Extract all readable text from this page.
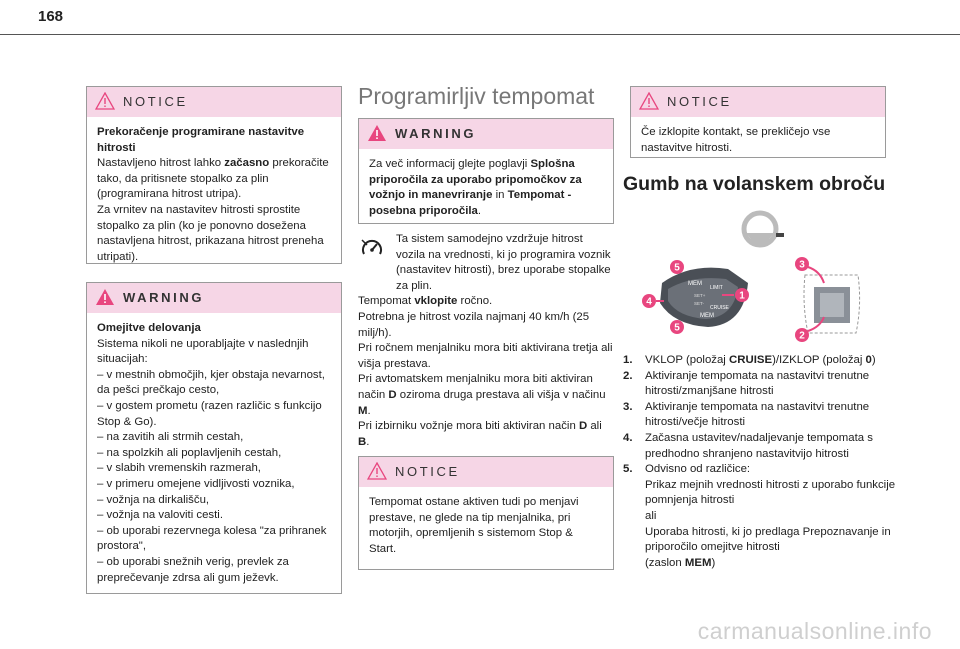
168
NOTICE

Prekoračenje programirane nastavitve hitrosti

Nastavljeno hitrost lahko začasno prekoračite tako, da pritisnete stopalko za plin (programirana hitrost utripa).

Za vrnitev na nastavitev hitrosti sprostite stopalko za plin (ko je ponovno dosežena nastavljena hitrost, prikazana hitrost preneha utripati).

WARNING

Omejitve delovanja

Sistema nikoli ne uporabljajte v naslednjih situacijah:

– v mestnih območjih, kjer obstaja nevarnost, da pešci prečkajo cesto,

– v gostem prometu (razen različic s funkcijo Stop & Go).

– na zavitih ali strmih cestah,

– na spolzkih ali poplavljenih cestah,

– v slabih vremenskih razmerah,

– v primeru omejene vidljivosti voznika,

– vožnja na dirkališču,

– vožnja na valoviti cesti.

– ob uporabi rezervnega kolesa "za prihranek prostora",

– ob uporabi snežnih verig, prevlek za preprečevanje zdrsa ali gum ježevk.

Programirljiv tempomat
WARNING

Za več informacij glejte poglavji Splošna priporočila za uporabo pripomočkov za vožnjo in manevriranje in Tempomat - posebna priporočila.

Ta sistem samodejno vzdržuje hitrost vozila na vrednosti, ki jo programira voznik (nastavitev hitrosti), brez uporabe stopalke za plin.

Tempomat vklopite ročno.

Potrebna je hitrost vozila najmanj 40 km/h (25 milj/h).

Pri ročnem menjalniku mora biti aktivirana tretja ali višja prestava.

Pri avtomatskem menjalniku mora biti aktiviran način D oziroma druga prestava ali višja v načinu M.

Pri izbirniku vožnje mora biti aktiviran način D ali B.

NOTICE

Tempomat ostane aktiven tudi po menjavi prestave, ne glede na tip menjalnika, pri motorjih, opremljenih s sistemom Stop & Start.

NOTICE

Če izklopite kontakt, se prekličejo vse nastavitve hitrosti.

Gumb na volanskem obroču
MEM
MEM
LIMIT
CRUISE
SET+
SET-
1
2
3
4
5
5
1.	VKLOP (položaj CRUISE)/IZKLOP (položaj 0)
2.	Aktiviranje tempomata na nastavitvi trenutne hitrosti/zmanjšane hitrosti
3.	Aktiviranje tempomata na nastavitvi trenutne hitrosti/večje hitrosti
4.	Začasna ustavitev/nadaljevanje tempomata s predhodno shranjeno nastavitvijo hitrosti
5.	Odvisno od različice:
Prikaz mejnih vrednosti hitrosti z uporabo funkcije pomnjenja hitrosti
ali
Uporaba hitrosti, ki jo predlaga Prepoznavanje in priporočilo omejitve hitrosti
(zaslon MEM)
carmanualsonline.info
